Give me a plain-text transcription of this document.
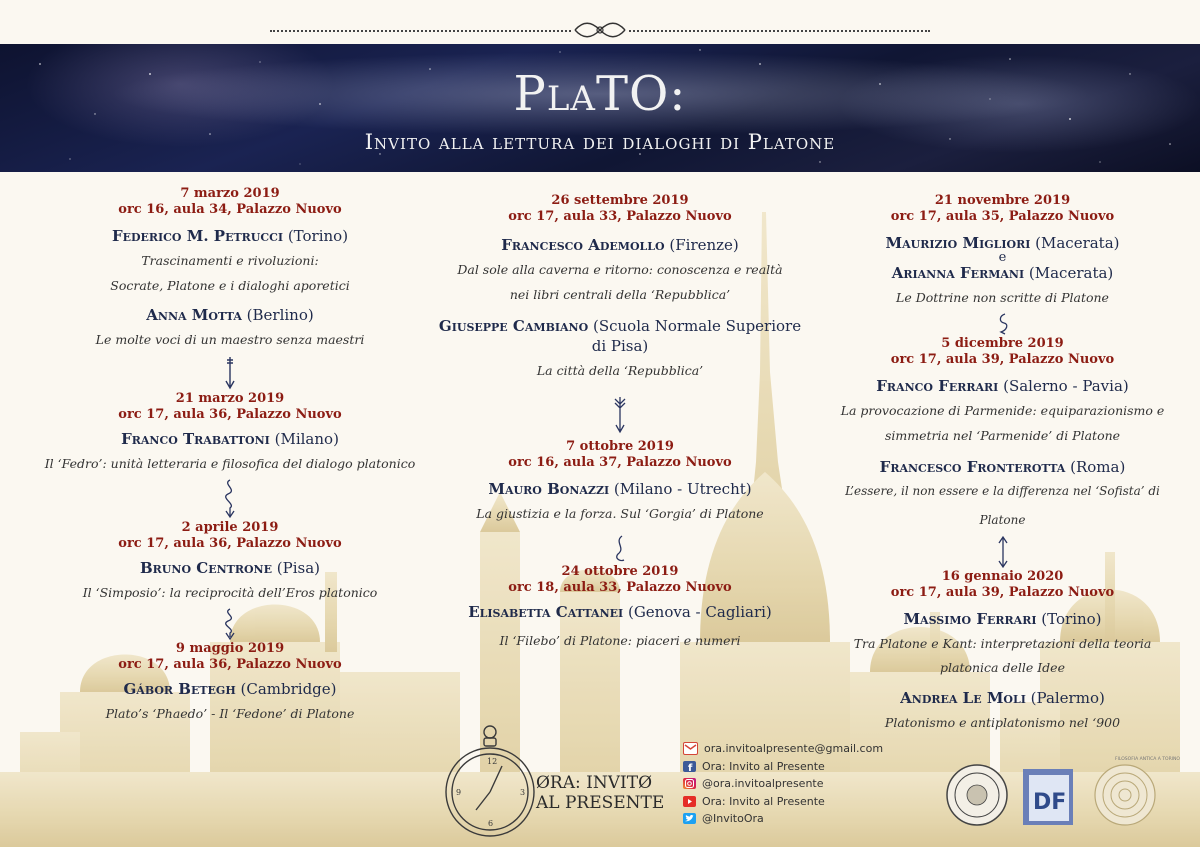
PlaTO:
Invito alla lettura dei dialoghi di Platone

7 marzo 2019

orc 16, aula 34, Palazzo Nuovo

Federico M. Petrucci (Torino)
Trascinamenti e rivoluzioni:
Socrate, Platone e i dialoghi aporetici
Anna Motta (Berlino)
Le molte voci di un maestro senza maestri

21 marzo 2019

orc 17, aula 36, Palazzo Nuovo

Franco Trabattoni (Milano)
Il ‘Fedro’: unità letteraria e filosofica del dialogo platonico

2 aprile 2019

orc 17, aula 36, Palazzo Nuovo

Bruno Centrone (Pisa)
Il ‘Simposio’: la reciprocità dell’Eros platonico

9 maggio 2019

orc 17, aula 36, Palazzo Nuovo

Gábor Betegh (Cambridge)
Plato’s ‘Phaedo’ - Il ‘Fedone’ di Platone

26 settembre 2019

orc 17, aula 33, Palazzo Nuovo

Francesco Ademollo (Firenze)
Dal sole alla caverna e ritorno: conoscenza e realtà
nei libri centrali della ‘Repubblica’
Giuseppe Cambiano (Scuola Normale Superiore di Pisa)
La città della ‘Repubblica’

7 ottobre 2019

orc 16, aula 37, Palazzo Nuovo

Mauro Bonazzi (Milano - Utrecht)
La giustizia e la forza. Sul ‘Gorgia’ di Platone

24 ottobre 2019

orc 18, aula 33, Palazzo Nuovo

Elisabetta Cattanei (Genova - Cagliari)
Il ‘Filebo’ di Platone: piaceri e numeri

21 novembre 2019

orc 17, aula 35, Palazzo Nuovo

Maurizio Migliori (Macerata)
e
Arianna Fermani (Macerata)
Le Dottrine non scritte di Platone

5 dicembre 2019

orc 17, aula 39, Palazzo Nuovo

Franco Ferrari (Salerno - Pavia)
La provocazione di Parmenide: equiparazionismo e
simmetria nel ‘Parmenide’ di Platone
Francesco Fronterotta (Roma)
L’essere, il non essere e la differenza nel ‘Sofista’ di Platone

16 gennaio 2020

orc 17, aula 39, Palazzo Nuovo

Massimo Ferrari (Torino)
Tra Platone e Kant: interpretazioni della teoria
platonica delle Idee
Andrea Le Moli (Palermo)
Platonismo e antiplatonismo nel ‘900
12
3
6
9	ØRA: INVITØ
AL PRESENTE
ora.invitoalpresente@gmail.com
f Ora: Invito al Presente
@ora.invitoalpresente
Ora: Invito al Presente
@InvitoOra
DF
FILOSOFIA ANTICA A TORINO
